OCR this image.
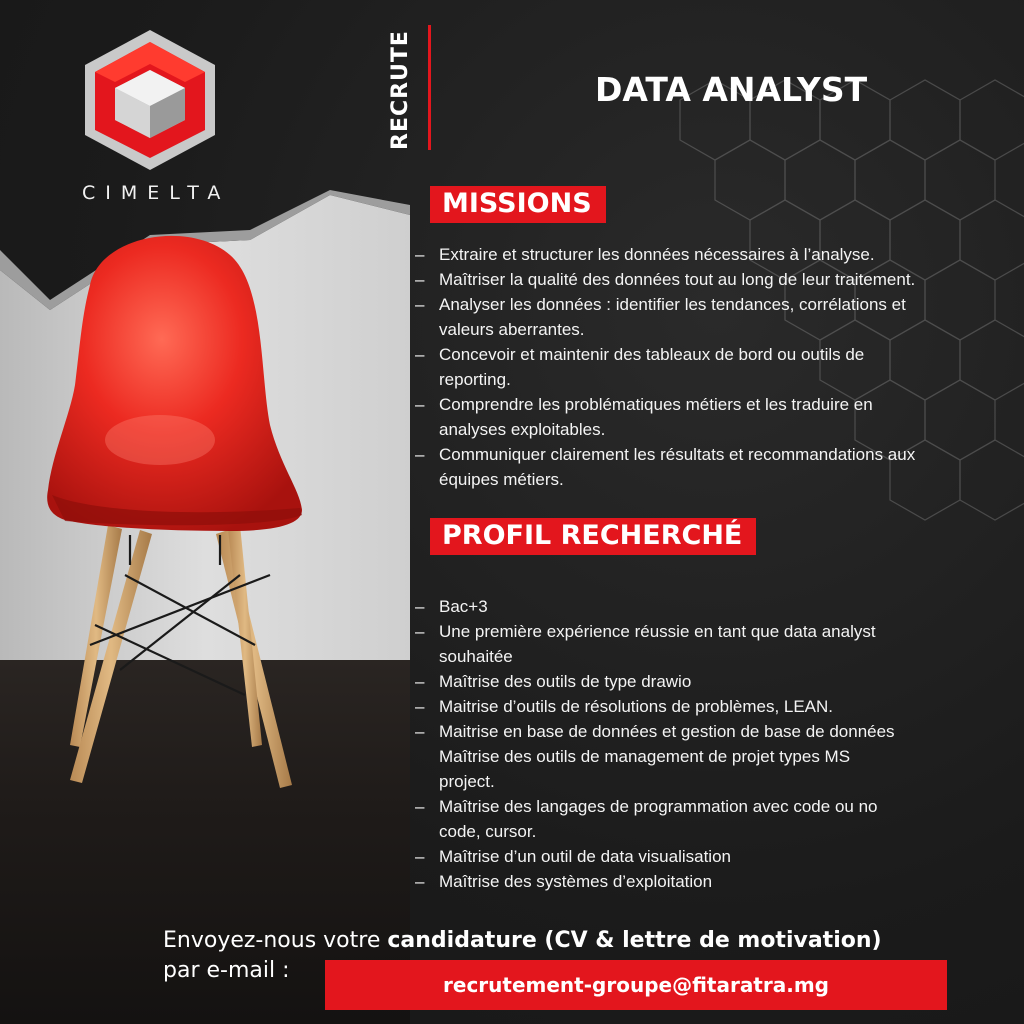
CIMELTA
RECRUTE	DATA ANALYST
MISSIONS
– Extraire et structurer les données nécessaires à l’analyse.
– Maîtriser la qualité des données tout au long de leur traitement.
– Analyser les données : identifier les tendances, corrélations et
valeurs aberrantes.
– Concevoir et maintenir des tableaux de bord ou outils de
reporting.
– Comprendre les problématiques métiers et les traduire en
analyses exploitables.
– Communiquer clairement les résultats et recommandations aux
équipes métiers.
PROFIL RECHERCHÉ
– Bac+3
– Une première expérience réussie en tant que data analyst
souhaitée
– Maîtrise des outils de type drawio
– Maitrise d’outils de résolutions de problèmes, LEAN.
– Maitrise en base de données et gestion de base de données
Maîtrise des outils de management de projet types MS
project.
– Maîtrise des langages de programmation avec code ou no
code, cursor.
– Maîtrise d’un outil de data visualisation
– Maîtrise des systèmes d’exploitation
Envoyez-nous votre candidature (CV & lettre de motivation)
par e-mail :
recrutement-groupe@fitaratra.mg
